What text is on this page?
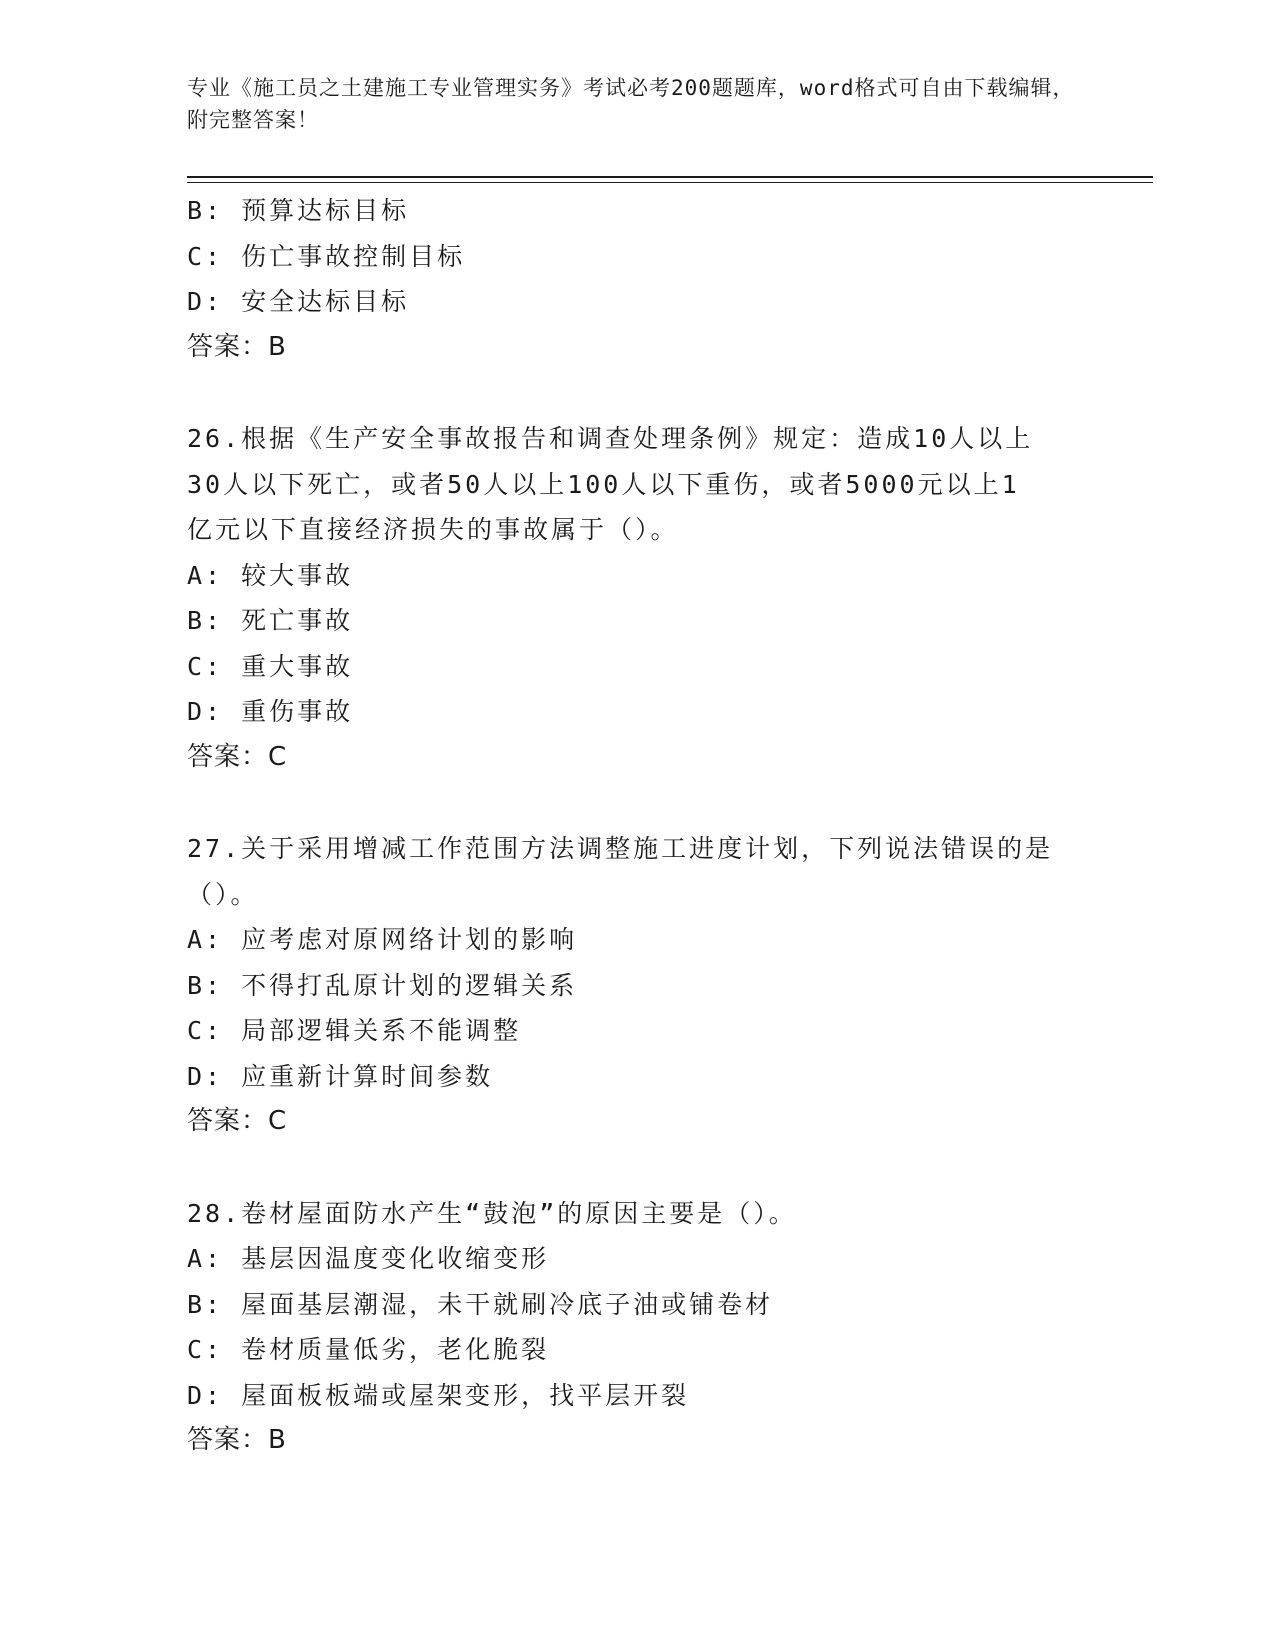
专业《施工员之土建施工专业管理实务》考试必考200题题库，word格式可自由下载编辑，附完整答案！
B: 预算达标目标
C: 伤亡事故控制目标
D: 安全达标目标
答案：B
26.根据《生产安全事故报告和调查处理条例》规定：造成10人以上
30人以下死亡，或者50人以上100人以下重伤，或者5000元以上1
亿元以下直接经济损失的事故属于（）。
A: 较大事故
B: 死亡事故
C: 重大事故
D: 重伤事故
答案：C
27.关于采用增减工作范围方法调整施工进度计划，下列说法错误的是
（）。
A: 应考虑对原网络计划的影响
B: 不得打乱原计划的逻辑关系
C: 局部逻辑关系不能调整
D: 应重新计算时间参数
答案：C
28.卷材屋面防水产生“鼓泡”的原因主要是（）。
A: 基层因温度变化收缩变形
B: 屋面基层潮湿，未干就刷冷底子油或铺卷材
C: 卷材质量低劣，老化脆裂
D: 屋面板板端或屋架变形，找平层开裂
答案：B
